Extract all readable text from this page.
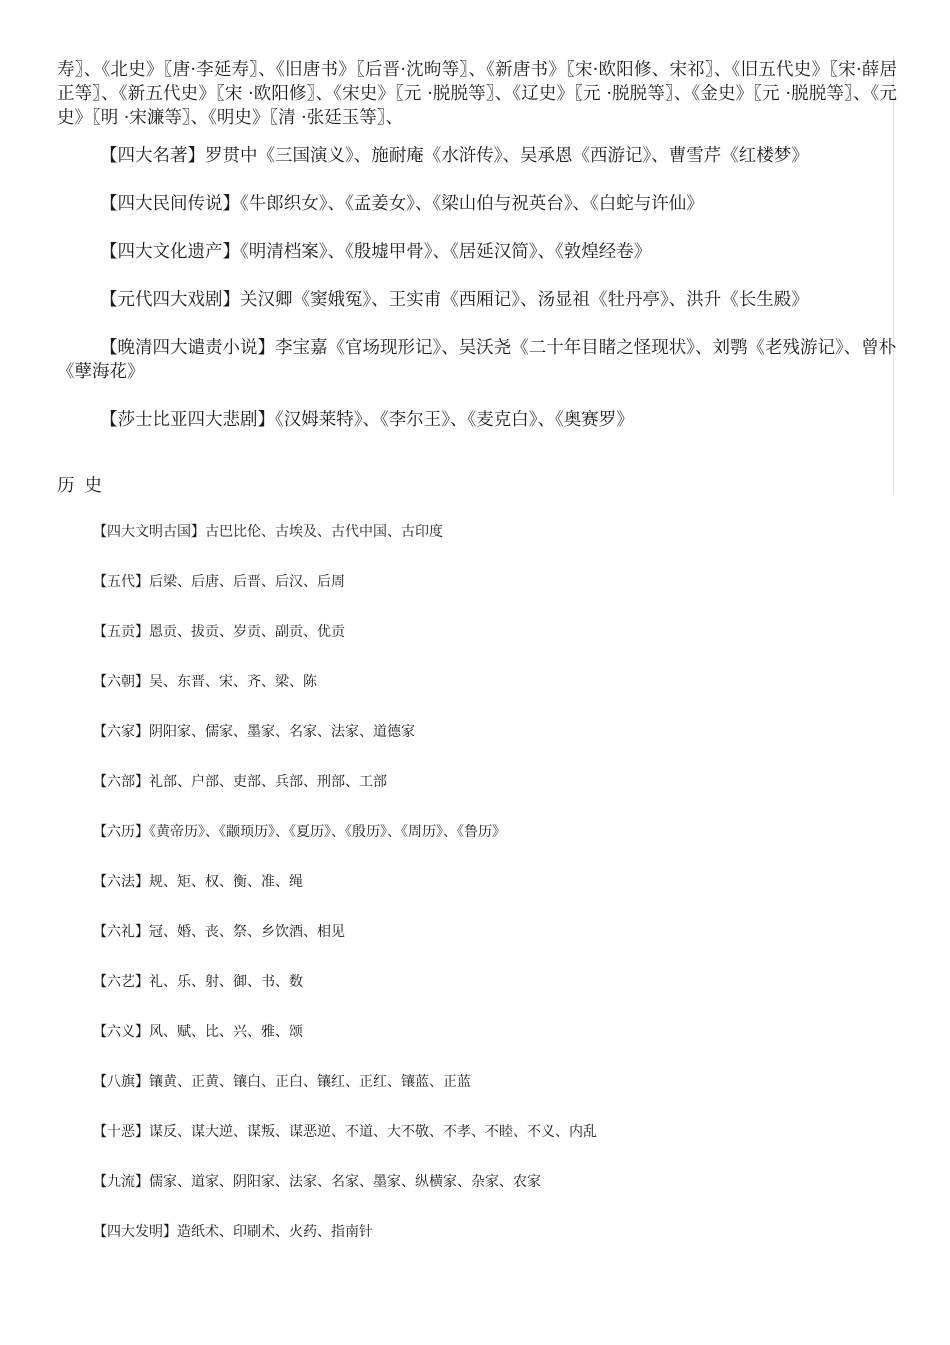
寿〗、《北史》〖唐·李延寿〗、《旧唐书》〖后晋·沈昫等〗、《新唐书》〖宋·欧阳修、宋祁〗、《旧五代史》〖宋·薛居正等〗、《新五代史》〖宋 ·欧阳修〗、《宋史》〖元 ·脱脱等〗、《辽史》〖元 ·脱脱等〗、《金史》〖元 ·脱脱等〗、《元史》〖明 ·宋濂等〗、《明史》〖清 ·张廷玉等〗、

【四大名著】罗贯中《三国演义》、施耐庵《水浒传》、吴承恩《西游记》、曹雪芹《红楼梦》

【四大民间传说】《牛郎织女》、《孟姜女》、《梁山伯与祝英台》、《白蛇与许仙》

【四大文化遗产】《明清档案》、《殷墟甲骨》、《居延汉简》、《敦煌经卷》

【元代四大戏剧】关汉卿《窦娥冤》、王实甫《西厢记》、汤显祖《牡丹亭》、洪升《长生殿》

【晚清四大谴责小说】李宝嘉《官场现形记》、吴沃尧《二十年目睹之怪现状》、刘鹗《老残游记》、曾朴《孽海花》

【莎士比亚四大悲剧】《汉姆莱特》、《李尔王》、《麦克白》、《奥赛罗》

历史
【四大文明古国】古巴比伦、古埃及、古代中国、古印度
【五代】后梁、后唐、后晋、后汉、后周
【五贡】恩贡、拔贡、岁贡、副贡、优贡
【六朝】吴、东晋、宋、齐、梁、陈
【六家】阴阳家、儒家、墨家、名家、法家、道德家
【六部】礼部、户部、吏部、兵部、刑部、工部
【六历】《黄帝历》、《颛顼历》、《夏历》、《殷历》、《周历》、《鲁历》
【六法】规、矩、权、衡、准、绳
【六礼】冠、婚、丧、祭、乡饮酒、相见
【六艺】礼、乐、射、御、书、数
【六义】风、赋、比、兴、雅、颂
【八旗】镶黄、正黄、镶白、正白、镶红、正红、镶蓝、正蓝
【十恶】谋反、谋大逆、谋叛、谋恶逆、不道、大不敬、不孝、不睦、不义、内乱
【九流】儒家、道家、阴阳家、法家、名家、墨家、纵横家、杂家、农家
【四大发明】造纸术、印刷术、火药、指南针
